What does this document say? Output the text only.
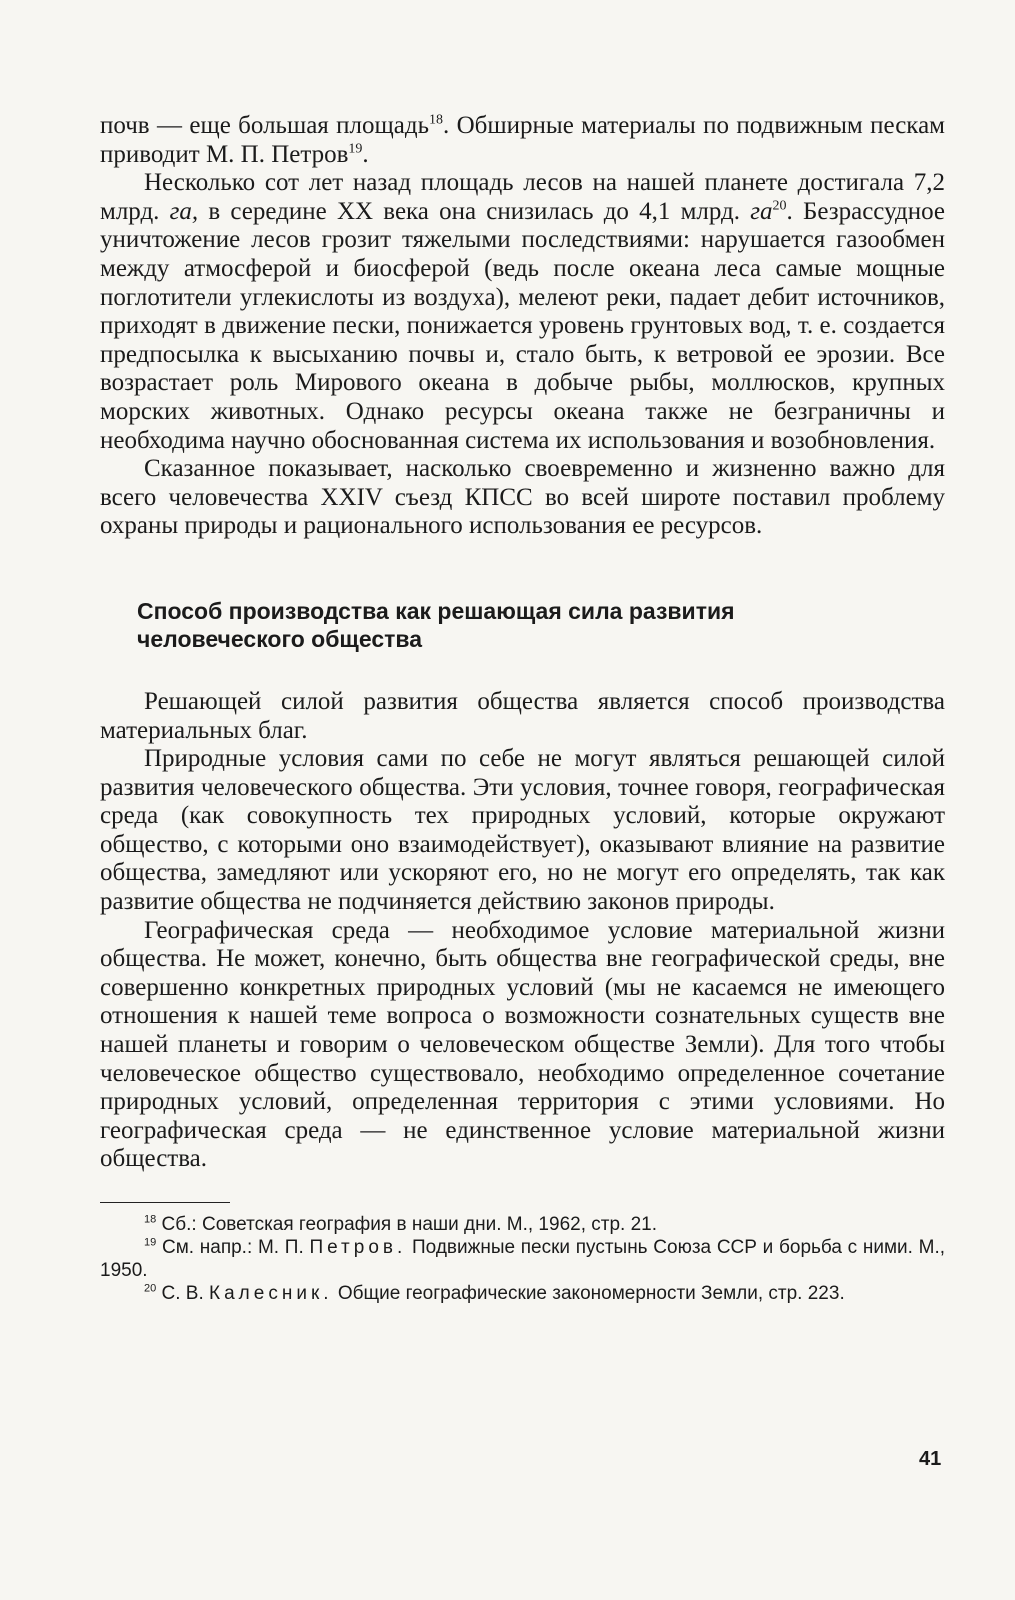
почв — еще большая площадь$^{18}$. Обширные материалы по подвижным пескам приводит М. П. Петров$^{19}$.

Несколько сот лет назад площадь лесов на нашей планете достигала 7,2 млрд. га, в середине XX века она снизилась до 4,1 млрд. $га^{20}$. Безрассудное уничтожение лесов грозит тяжелыми последствиями: нарушается газообмен между атмосферой и биосферой (ведь после океана леса самые мощные поглотители углекислоты из воздуха), мелеют реки, падает дебит источников, приходят в движение пески, понижается уровень грунтовых вод, т. е. создается предпосылка к высыханию почвы и, стало быть, к ветровой ее эрозии. Все возрастает роль Мирового океана в добыче рыбы, моллюсков, крупных морских животных. Однако ресурсы океана также не безграничны и необходима научно обоснованная система их использования и возобновления.

Сказанное показывает, насколько своевременно и жизненно важно для всего человечества XXIV съезд КПСС во всей широте поставил проблему охраны природы и рационального использования ее ресурсов.

Способ производства как решающая сила развития
человеческого общества

Решающей силой развития общества является способ производства материальных благ.

Природные условия сами по себе не могут являться решающей силой развития человеческого общества. Эти условия, точнее говоря, географическая среда (как совокупность тех природных условий, которые окружают общество, с которыми оно взаимодействует), оказывают влияние на развитие общества, замедляют или ускоряют его, но не могут его определять, так как развитие общества не подчиняется действию законов природы.

Географическая среда — необходимое условие материальной жизни общества. Не может, конечно, быть общества вне географической среды, вне совершенно конкретных природных условий (мы не касаемся не имеющего отношения к нашей теме вопроса о возможности сознательных существ вне нашей планеты и говорим о человеческом обществе Земли). Для того чтобы человеческое общество существовало, необходимо определенное сочетание природных условий, определенная территория с этими условиями. Но географическая среда — не единственное условие материальной жизни общества.

$^{18}$ Сб.: Советская география в наши дни. М., 1962, стр. 21.

$^{19}$ См. напр.: М. П. Петров. Подвижные пески пустынь Союза ССР и борьба с ними. М., 1950.

$^{20}$ С. В. Калесник. Общие географические закономерности Земли, стр. 223.

41
